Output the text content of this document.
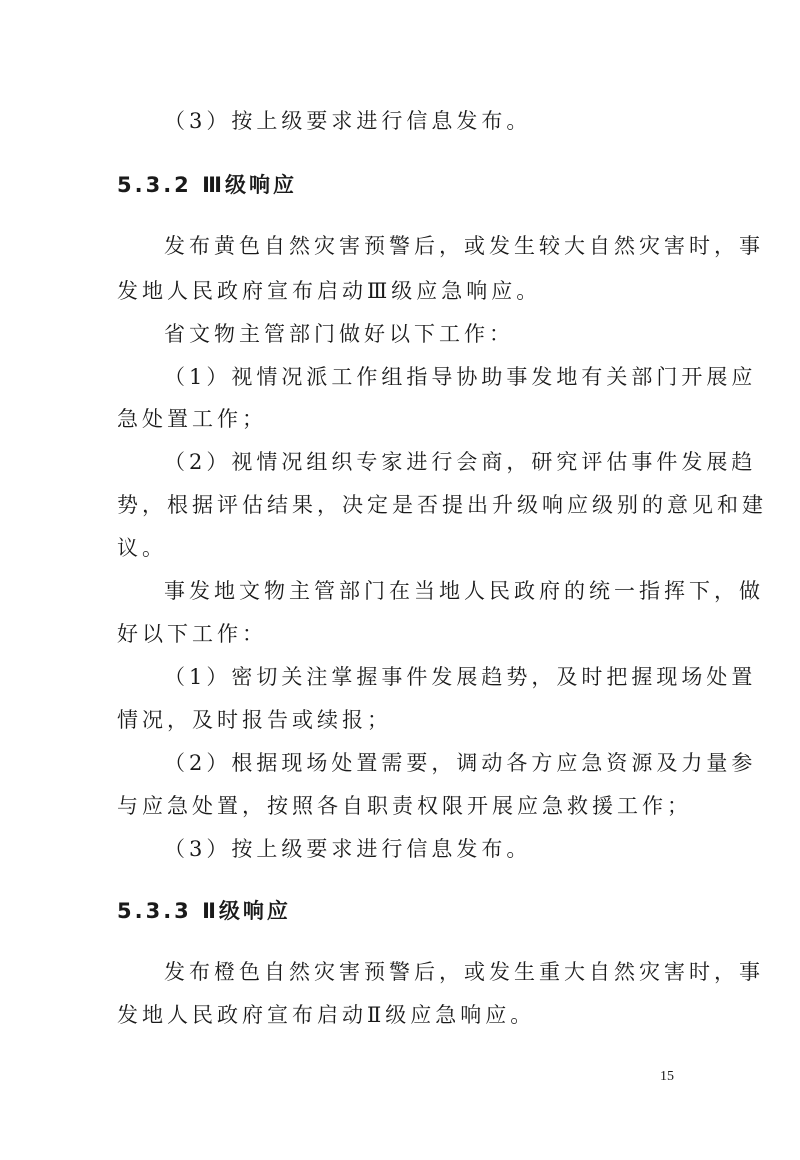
（3）按上级要求进行信息发布。
5.3.2 Ⅲ级响应
发布黄色自然灾害预警后，或发生较大自然灾害时，事
发地人民政府宣布启动Ⅲ级应急响应。
省文物主管部门做好以下工作：
（1）视情况派工作组指导协助事发地有关部门开展应
急处置工作；
（2）视情况组织专家进行会商，研究评估事件发展趋
势，根据评估结果，决定是否提出升级响应级别的意见和建
议。
事发地文物主管部门在当地人民政府的统一指挥下，做
好以下工作：
（1）密切关注掌握事件发展趋势，及时把握现场处置
情况，及时报告或续报；
（2）根据现场处置需要，调动各方应急资源及力量参
与应急处置，按照各自职责权限开展应急救援工作；
（3）按上级要求进行信息发布。
5.3.3 Ⅱ级响应
发布橙色自然灾害预警后，或发生重大自然灾害时，事
发地人民政府宣布启动Ⅱ级应急响应。
15
